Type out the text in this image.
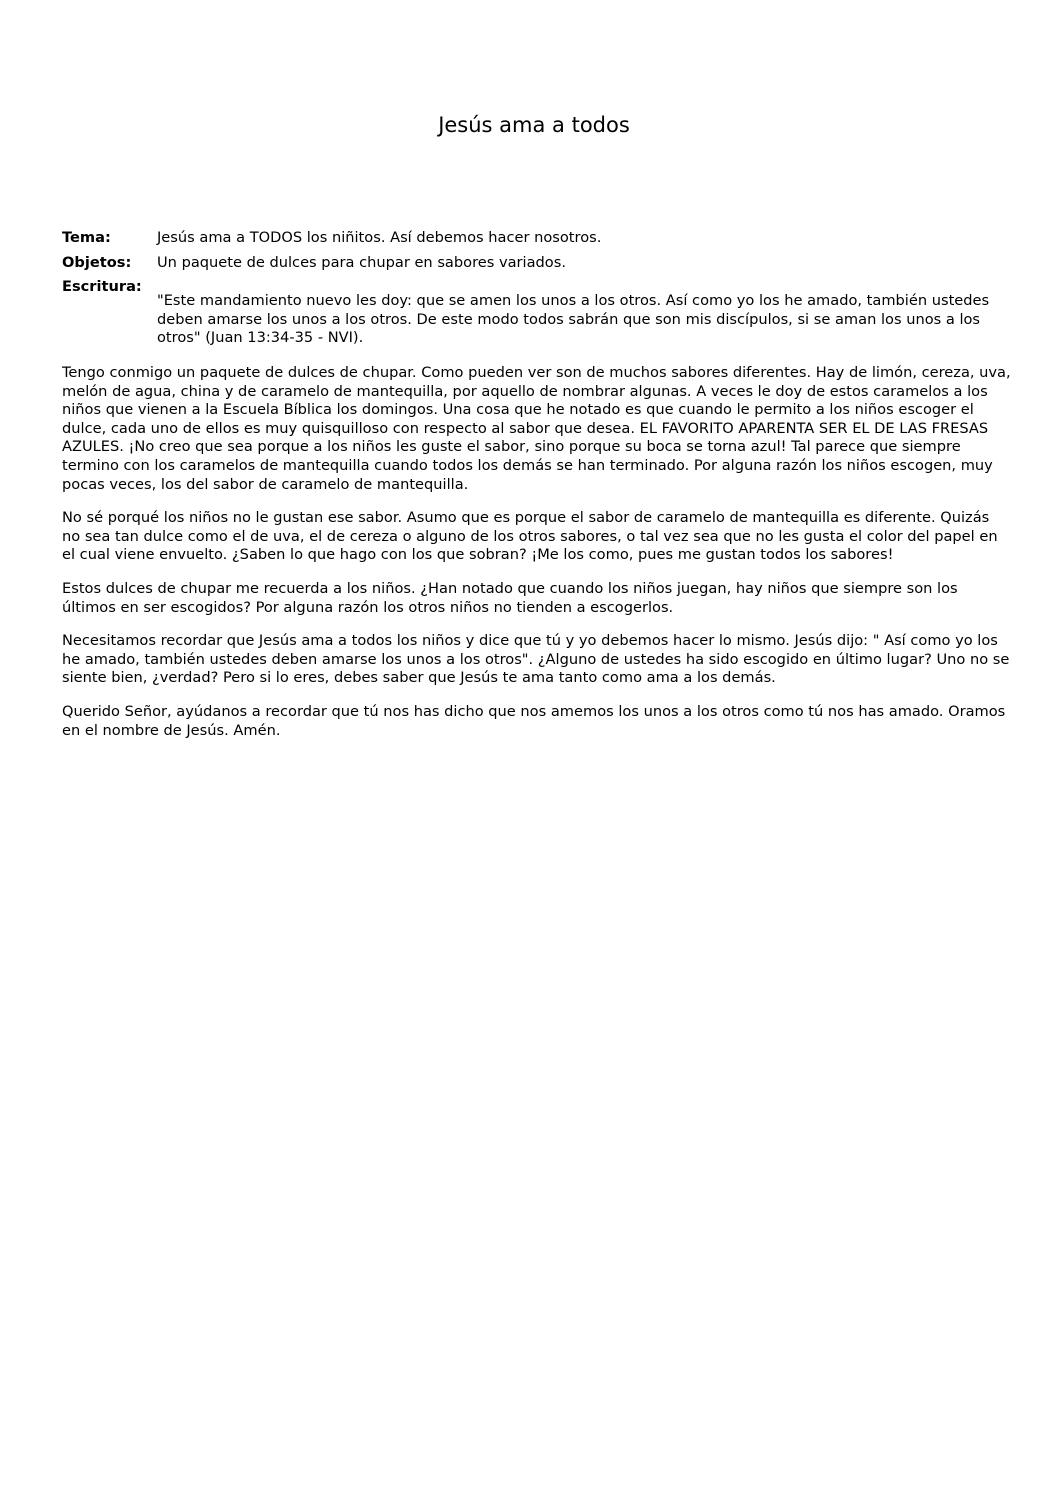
Jesús ama a todos
Tema:	Jesús ama a TODOS los niñitos. Así debemos hacer nosotros.
Objetos:	Un paquete de dulces para chupar en sabores variados.
Escritura:
"Este mandamiento nuevo les doy: que se amen los unos a los otros. Así como yo los he amado, también ustedes deben amarse los unos a los otros. De este modo todos sabrán que son mis discípulos, si se aman los unos a los otros" (Juan 13:34-35 - NVI).

Tengo conmigo un paquete de dulces de chupar. Como pueden ver son de muchos sabores diferentes. Hay de limón, cereza, uva, melón de agua, china y de caramelo de mantequilla, por aquello de nombrar algunas. A veces le doy de estos caramelos a los niños que vienen a la Escuela Bíblica los domingos. Una cosa que he notado es que cuando le permito a los niños escoger el dulce, cada uno de ellos es muy quisquilloso con respecto al sabor que desea. EL FAVORITO APARENTA SER EL DE LAS FRESAS AZULES. ¡No creo que sea porque a los niños les guste el sabor, sino porque su boca se torna azul! Tal parece que siempre termino con los caramelos de mantequilla cuando todos los demás se han terminado. Por alguna razón los niños escogen, muy pocas veces, los del sabor de caramelo de mantequilla.

No sé porqué los niños no le gustan ese sabor. Asumo que es porque el sabor de caramelo de mantequilla es diferente. Quizás no sea tan dulce como el de uva, el de cereza o alguno de los otros sabores, o tal vez sea que no les gusta el color del papel en el cual viene envuelto. ¿Saben lo que hago con los que sobran? ¡Me los como, pues me gustan todos los sabores!

Estos dulces de chupar me recuerda a los niños. ¿Han notado que cuando los niños juegan, hay niños que siempre son los últimos en ser escogidos? Por alguna razón los otros niños no tienden a escogerlos.

Necesitamos recordar que Jesús ama a todos los niños y dice que tú y yo debemos hacer lo mismo. Jesús dijo: " Así como yo los he amado, también ustedes deben amarse los unos a los otros". ¿Alguno de ustedes ha sido escogido en último lugar? Uno no se siente bien, ¿verdad? Pero si lo eres, debes saber que Jesús te ama tanto como ama a los demás.

Querido Señor, ayúdanos a recordar que tú nos has dicho que nos amemos los unos a los otros como tú nos has amado. Oramos en el nombre de Jesús. Amén.
